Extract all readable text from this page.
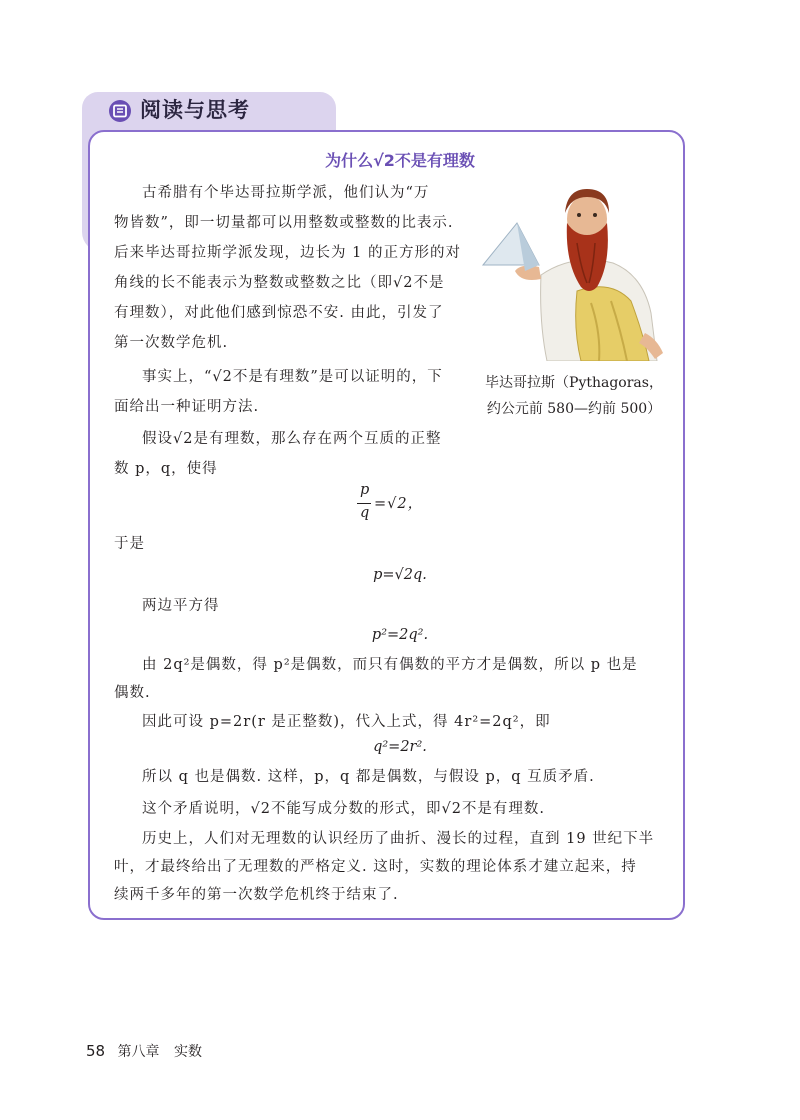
阅读与思考
为什么√2不是有理数
古希腊有个毕达哥拉斯学派，他们认为“万
物皆数”，即一切量都可以用整数或整数的比表示.
后来毕达哥拉斯学派发现，边长为 1 的正方形的对
角线的长不能表示为整数或整数之比（即√2不是
有理数），对此他们感到惊恐不安. 由此，引发了
第一次数学危机.
事实上，“√2不是有理数”是可以证明的，下
面给出一种证明方法.
假设√2是有理数，那么存在两个互质的正整
数 p，q，使得
p
q
=√2，
于是
p=√2q.
两边平方得
p²=2q².
由 2q²是偶数，得 p²是偶数，而只有偶数的平方才是偶数，所以 p 也是
偶数.
因此可设 p=2r(r 是正整数)，代入上式，得 4r²=2q²，即
q²=2r².
所以 q 也是偶数. 这样，p，q 都是偶数，与假设 p，q 互质矛盾.
这个矛盾说明，√2不能写成分数的形式，即√2不是有理数.
历史上，人们对无理数的认识经历了曲折、漫长的过程，直到 19 世纪下半
叶，才最终给出了无理数的严格定义. 这时，实数的理论体系才建立起来，持
续两千多年的第一次数学危机终于结束了.
毕达哥拉斯（Pythagoras，
约公元前 580—约前 500）
58 第八章 实数
